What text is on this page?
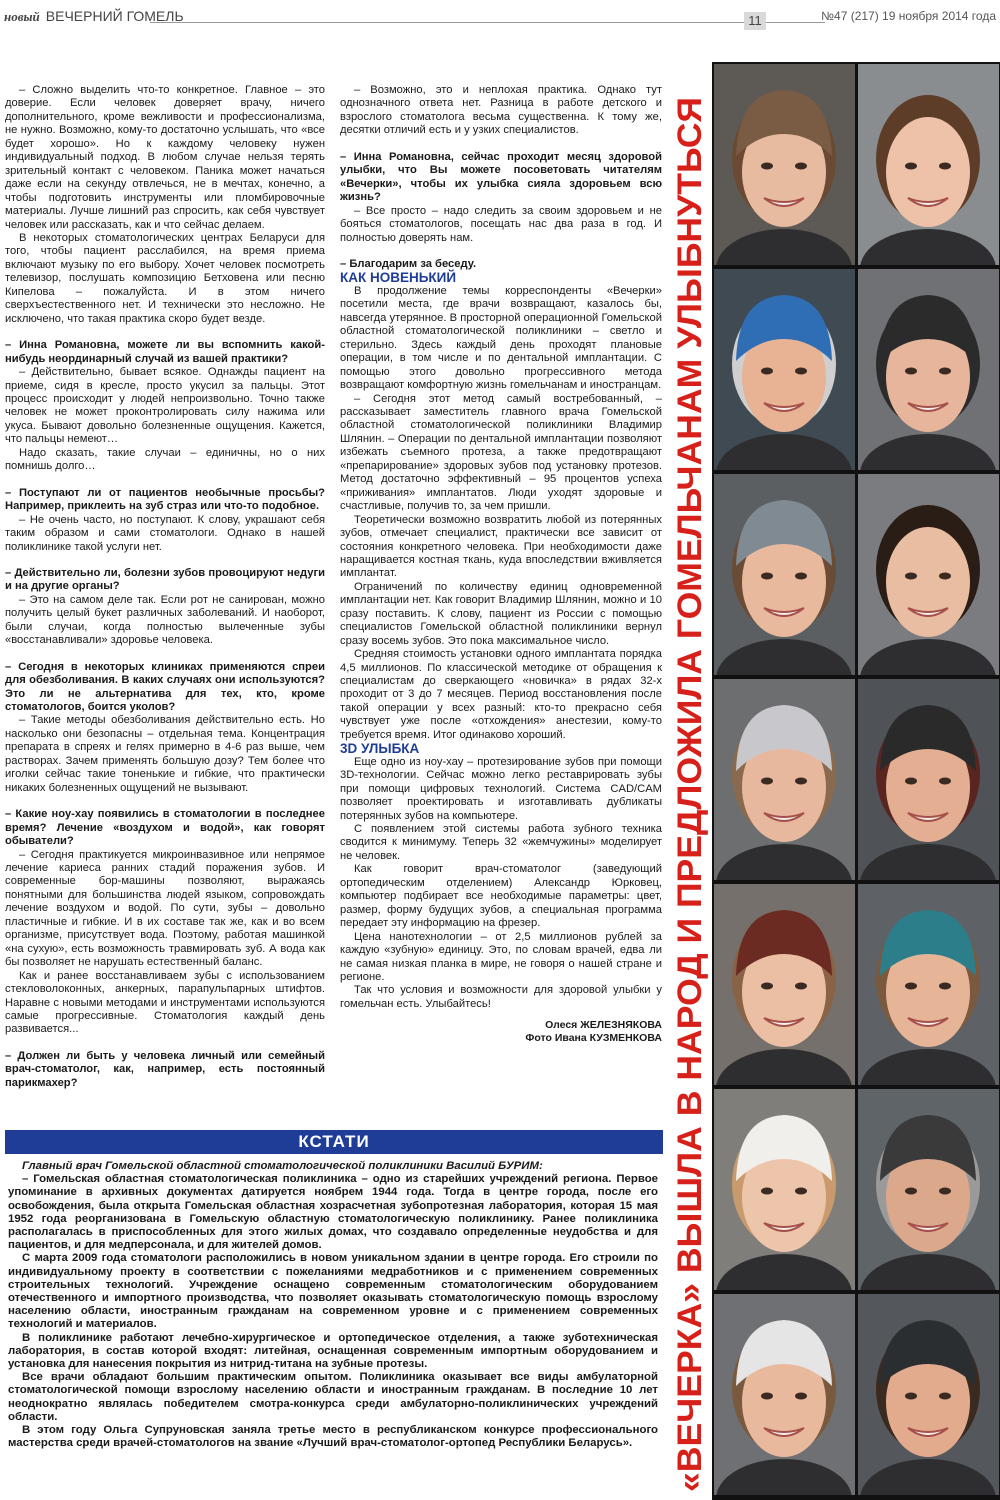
новый ВЕЧЕРНИЙ ГОМЕЛЬ	11	№47 (217) 19 ноября 2014 года

– Сложно выделить что-то конкретное. Главное – это доверие. Если человек доверяет врачу, ничего дополнительного, кроме вежливости и профессионализма, не нужно. Возможно, кому-то достаточно услышать, что «все будет хорошо». Но к каждому человеку нужен индивидуальный подход. В любом случае нельзя терять зрительный контакт с человеком. Паника может начаться даже если на секунду отвлечься, не в мечтах, конечно, а чтобы подготовить инструменты или пломбировочные материалы. Лучше лишний раз спросить, как себя чувствует человек или рассказать, как и что сейчас делаем.

В некоторых стоматологических центрах Беларуси для того, чтобы пациент расслабился, на время приема включают музыку по его выбору. Хочет человек посмотреть телевизор, послушать композицию Бетховена или песню Кипелова – пожалуйста. И в этом ничего сверхъестественного нет. И технически это несложно. Не исключено, что такая практика скоро будет везде.

– Инна Романовна, можете ли вы вспомнить какой-нибудь неординарный случай из вашей практики?

– Действительно, бывает всякое. Однажды пациент на приеме, сидя в кресле, просто укусил за пальцы. Этот процесс происходит у людей непроизвольно. Точно также человек не может проконтролировать силу нажима или укуса. Бывают довольно болезненные ощущения. Кажется, что пальцы немеют…

Надо сказать, такие случаи – единичны, но о них помнишь долго…

– Поступают ли от пациентов необычные просьбы? Например, приклеить на зуб страз или что-то подобное.

– Не очень часто, но поступают. К слову, украшают себя таким образом и сами стоматологи. Однако в нашей поликлинике такой услуги нет.

– Действительно ли, болезни зубов провоцируют недуги и на другие органы?

– Это на самом деле так. Если рот не санирован, можно получить целый букет различных заболеваний. И наоборот, были случаи, когда полностью вылеченные зубы «восстанавливали» здоровье человека.

– Сегодня в некоторых клиниках применяются спреи для обезболивания. В каких случаях они используются? Это ли не альтернатива для тех, кто, кроме стоматологов, боится уколов?

– Такие методы обезболивания действительно есть. Но насколько они безопасны – отдельная тема. Концентрация препарата в спреях и гелях примерно в 4-6 раз выше, чем растворах. Зачем применять большую дозу? Тем более что иголки сейчас такие тоненькие и гибкие, что практически никаких болезненных ощущений не вызывают.

– Какие ноу-хау появились в стоматологии в последнее время? Лечение «воздухом и водой», как говорят обыватели?

– Сегодня практикуется микроинвазивное или непрямое лечение кариеса ранних стадий поражения зубов. И современные бор-машины позволяют, выражаясь понятными для большинства людей языком, сопровождать лечение воздухом и водой. По сути, зубы – довольно пластичные и гибкие. И в их составе так же, как и во всем организме, присутствует вода. Поэтому, работая машинкой «на сухую», есть возможность травмировать зуб. А вода как бы позволяет не нарушать естественный баланс.

Как и ранее восстанавливаем зубы с использованием стекловолоконных, анкерных, парапульпарных штифтов. Наравне с новыми методами и инструментами используются самые прогрессивные. Стоматология каждый день развивается...

– Должен ли быть у человека личный или семейный врач-стоматолог, как, например, есть постоянный парикмахер?

– Возможно, это и неплохая практика. Однако тут однозначного ответа нет. Разница в работе детского и взрослого стоматолога весьма существенна. К тому же, десятки отличий есть и у узких специалистов.

– Инна Романовна, сейчас проходит месяц здоровой улыбки, что Вы можете посоветовать читателям «Вечерки», чтобы их улыбка сияла здоровьем всю жизнь?

– Все просто – надо следить за своим здоровьем и не бояться стоматологов, посещать нас два раза в год. И полностью доверять нам.

– Благодарим за беседу.

КАК НОВЕНЬКИЙ

В продолжение темы корреспонденты «Вечерки» посетили места, где врачи возвращают, казалось бы, навсегда утерянное. В просторной операционной Гомельской областной стоматологической поликлиники – светло и стерильно. Здесь каждый день проходят плановые операции, в том числе и по дентальной имплантации. С помощью этого довольно прогрессивного метода возвращают комфортную жизнь гомельчанам и иностранцам.

– Сегодня этот метод самый востребованный, – рассказывает заместитель главного врача Гомельской областной стоматологической поликлиники Владимир Шлянин. – Операции по дентальной имплантации позволяют избежать съемного протеза, а также предотвращают «препарирование» здоровых зубов под установку протезов. Метод достаточно эффективный – 95 процентов успеха «приживания» имплантатов. Люди уходят здоровые и счастливые, получив то, за чем пришли.

Теоретически возможно возвратить любой из потерянных зубов, отмечает специалист, практически все зависит от состояния конкретного человека. При необходимости даже наращивается костная ткань, куда впоследствии вживляется имплантат.

Ограничений по количеству единиц одновременной имплантации нет. Как говорит Владимир Шлянин, можно и 10 сразу поставить. К слову, пациент из России с помощью специалистов Гомельской областной поликлиники вернул сразу восемь зубов. Это пока максимальное число.

Средняя стоимость установки одного имплантата порядка 4,5 миллионов. По классической методике от обращения к специалистам до сверкающего «новичка» в рядах 32-х проходит от 3 до 7 месяцев. Период восстановления после такой операции у всех разный: кто-то прекрасно себя чувствует уже после «отхождения» анестезии, кому-то требуется время. Итог одинаково хороший.

3D УЛЫБКА

Еще одно из ноу-хау – протезирование зубов при помощи 3D-технологии. Сейчас можно легко реставрировать зубы при помощи цифровых технологий. Система CAD/CAM позволяет проектировать и изготавливать дубликаты потерянных зубов на компьютере.

С появлением этой системы работа зубного техника сводится к минимуму. Теперь 32 «жемчужины» моделирует не человек.

Как говорит врач-стоматолог (заведующий ортопедическим отделением) Александр Юрковец, компьютер подбирает все необходимые параметры: цвет, размер, форму будущих зубов, а специальная программа передает эту информацию на фрезер.

Цена нанотехнологии – от 2,5 миллионов рублей за каждую «зубную» единицу. Это, по словам врачей, едва ли не самая низкая планка в мире, не говоря о нашей стране и регионе.

Так что условия и возможности для здоровой улыбки у гомельчан есть. Улыбайтесь!

Олеся ЖЕЛЕЗНЯКОВА
Фото Ивана КУЗМЕНКОВА
КСТАТИ

Главный врач Гомельской областной стоматологической поликлиники Василий БУРИМ:

– Гомельская областная стоматологическая поликлиника – одно из старейших учреждений региона. Первое упоминание в архивных документах датируется ноябрем 1944 года. Тогда в центре города, после его освобождения, была открыта Гомельская областная хозрасчетная зубопротезная лаборатория, которая 15 мая 1952 года реорганизована в Гомельскую областную стоматологическую поликлинику. Ранее поликлиника располагалась в приспособленных для этого жилых домах, что создавало определенные неудобства и для пациентов, и для медперсонала, и для жителей домов.

С марта 2009 года стоматологи расположились в новом уникальном здании в центре города. Его строили по индивидуальному проекту в соответствии с пожеланиями медработников и с применением современных строительных технологий. Учреждение оснащено современным стоматологическим оборудованием отечественного и импортного производства, что позволяет оказывать стоматологическую помощь взрослому населению области, иностранным гражданам на современном уровне и с применением современных технологий и материалов.

В поликлинике работают лечебно-хирургическое и ортопедическое отделения, а также зуботехническая лаборатория, в состав которой входят: литейная, оснащенная современным импортным оборудованием и установка для нанесения покрытия из нитрид-титана на зубные протезы.

Все врачи обладают большим практическим опытом. Поликлиника оказывает все виды амбулаторной стоматологической помощи взрослому населению области и иностранным гражданам. В последние 10 лет неоднократно являлась победителем смотра-конкурса среди амбулаторно-поликлинических учреждений области.

В этом году Ольга Супруновская заняла третье место в республиканском конкурсе профессионального мастерства среди врачей-стоматологов на звание «Лучший врач-стоматолог-ортопед Республики Беларусь».	«ВЕЧЕРКА» ВЫШЛА В НАРОД И ПРЕДЛОЖИЛА ГОМЕЛЬЧАНАМ УЛЫБНУТЬСЯ
